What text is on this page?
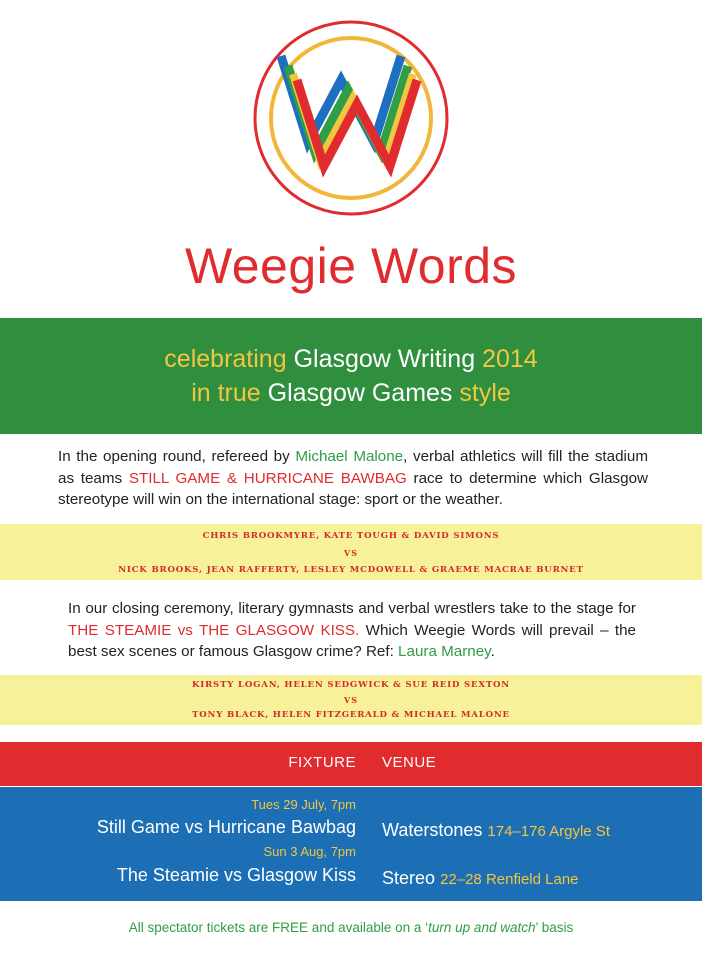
Weegie Words
celebrating Glasgow Writing 2014
in true Glasgow Games style
In the opening round, refereed by Michael Malone, verbal athletics will fill the stadium as teams STILL GAME & HURRICANE BAWBAG race to determine which Glasgow stereotype will win on the international stage: sport or the weather.
CHRIS BROOKMYRE, KATE TOUGH & DAVID SIMONS
VS
NICK BROOKS, JEAN RAFFERTY, LESLEY MCDOWELL & GRAEME MACRAE BURNET
In our closing ceremony, literary gymnasts and verbal wrestlers take to the stage for THE STEAMIE vs THE GLASGOW KISS. Which Weegie Words will prevail – the best sex scenes or famous Glasgow crime? Ref: Laura Marney.
KIRSTY LOGAN, HELEN SEDGWICK & SUE REID SEXTON
VS
TONY BLACK, HELEN FITZGERALD & MICHAEL MALONE
FIXTURE VENUE
Tues 29 July, 7pm
Still Game vs Hurricane Bawbag Waterstones 174–176 Argyle St
Sun 3 Aug, 7pm
The Steamie vs Glasgow Kiss Stereo 22–28 Renfield Lane
All spectator tickets are FREE and available on a ‘turn up and watch’ basis
